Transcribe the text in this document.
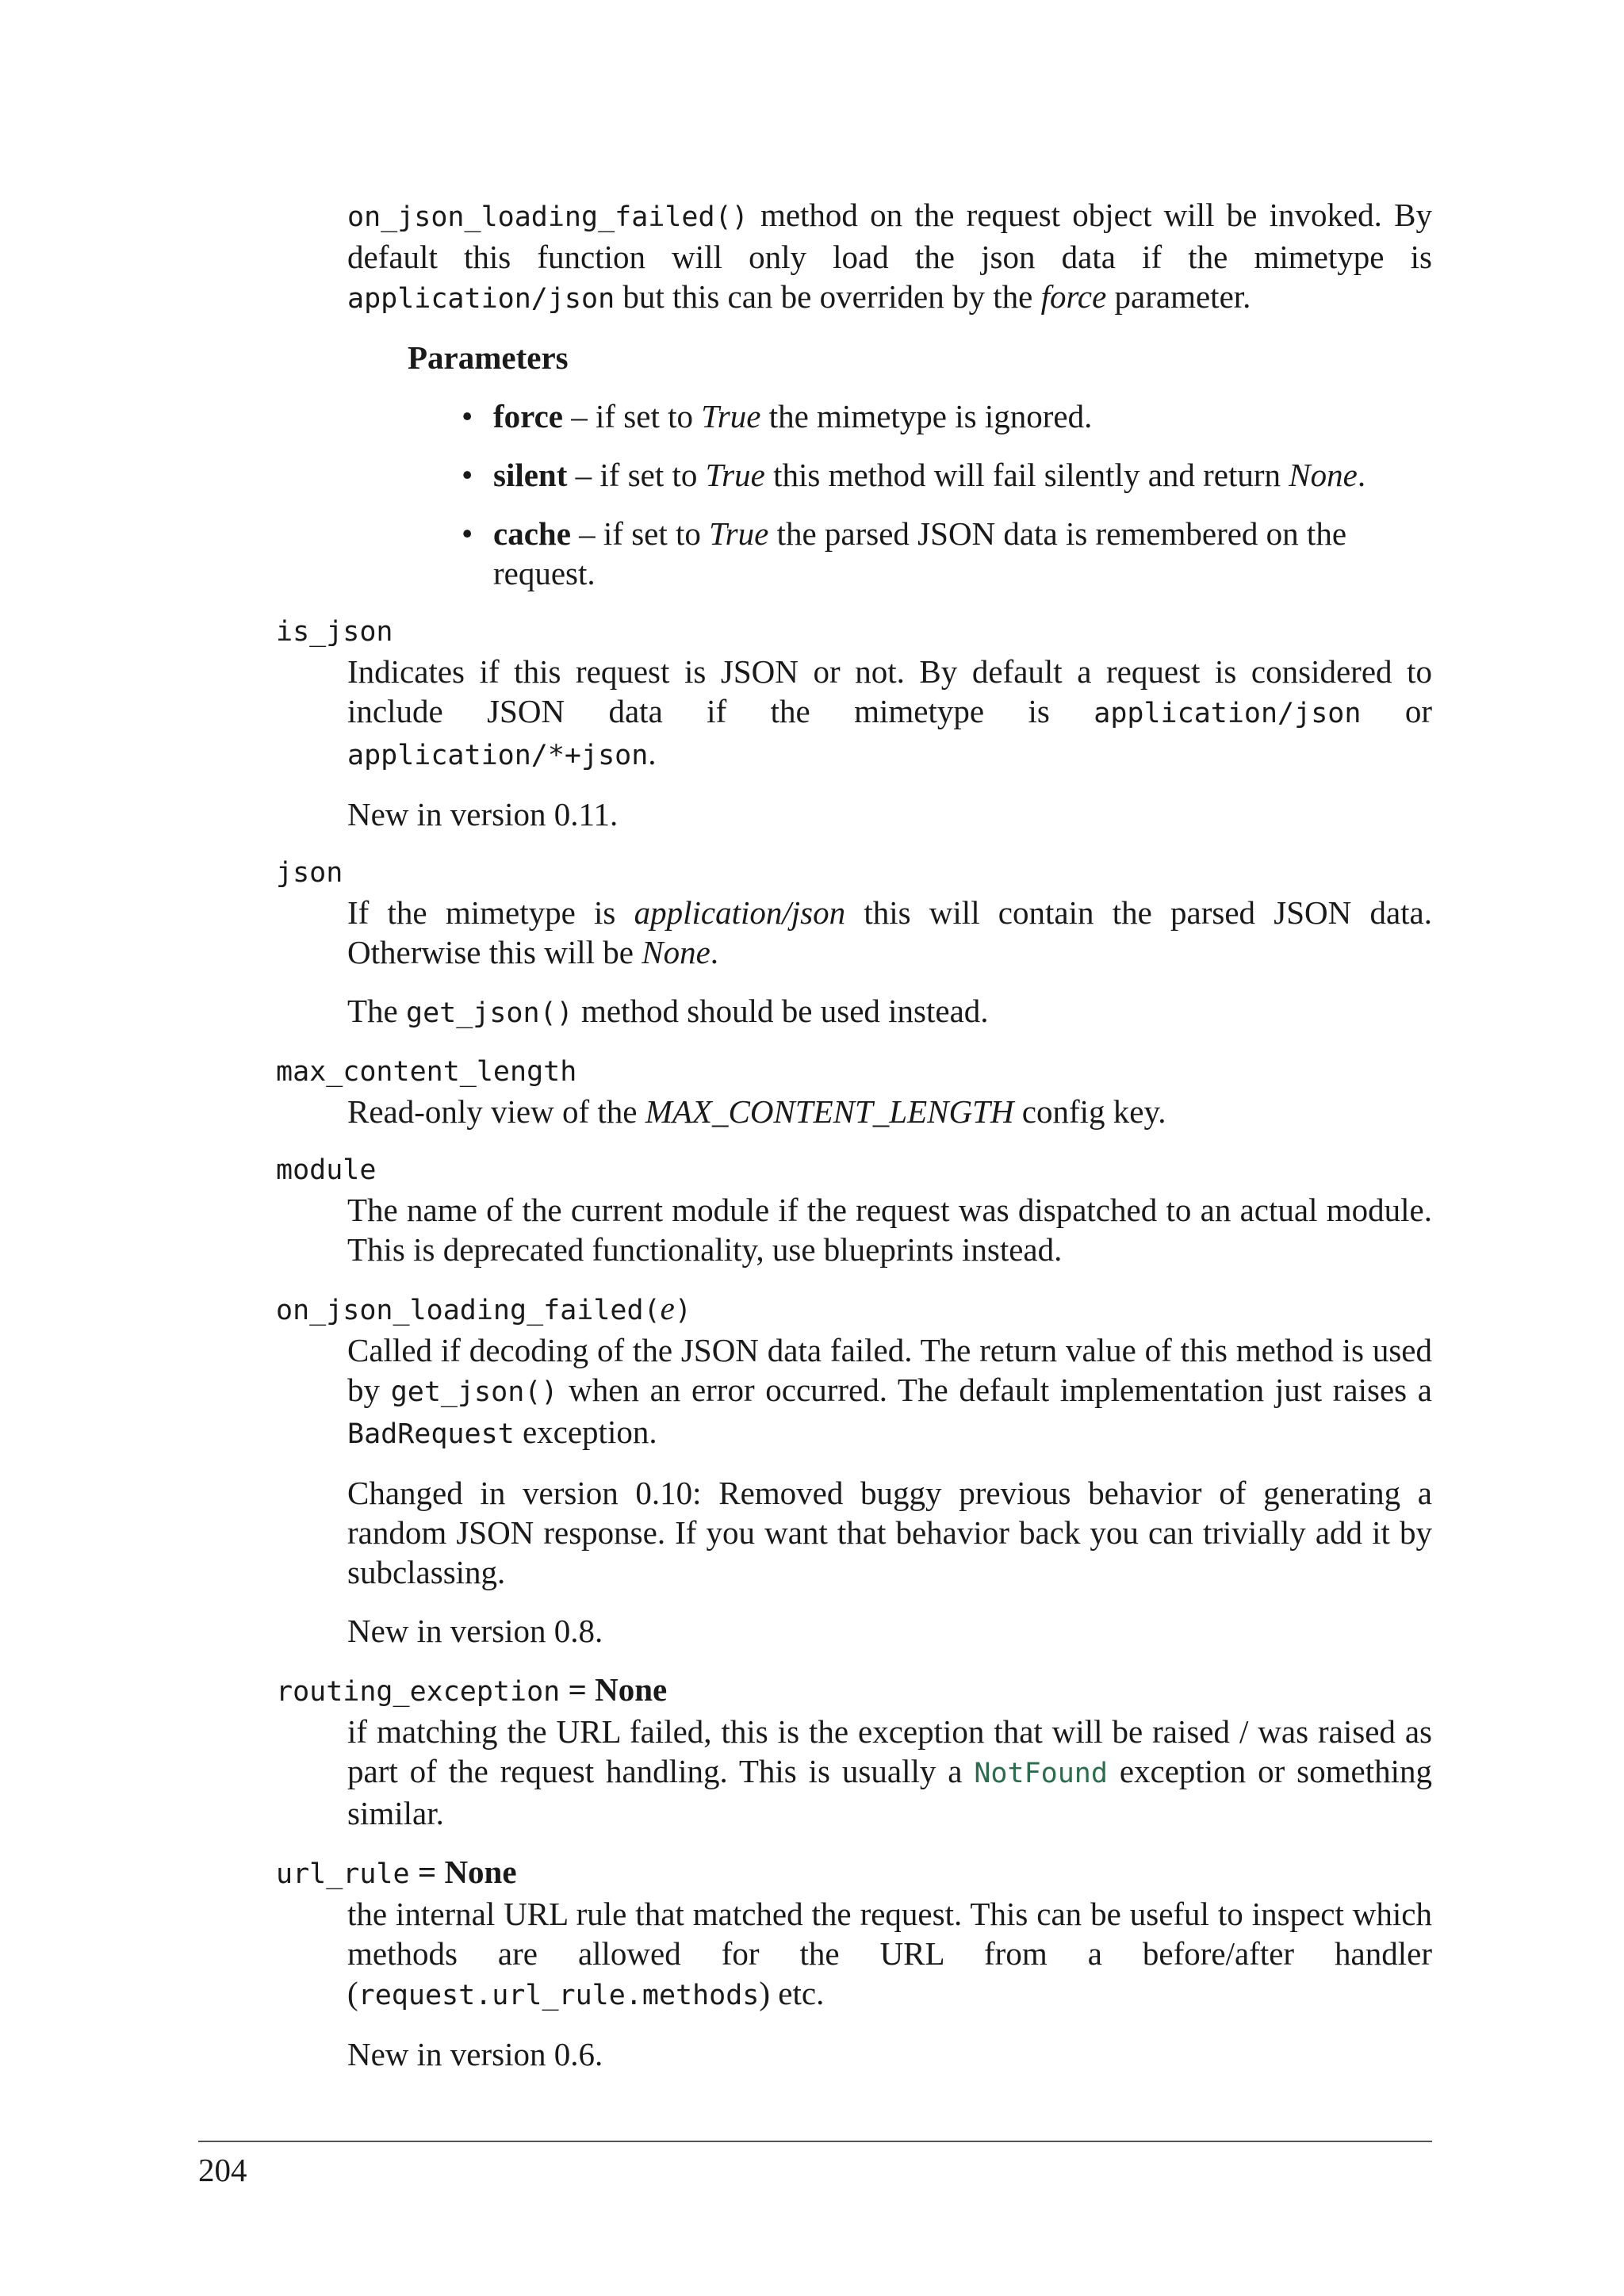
on_json_loading_failed() method on the request object will be invoked. By default this function will only load the json data if the mimetype is application/json but this can be overriden by the force parameter.

Parameters

• force – if set to True the mimetype is ignored.
• silent – if set to True this method will fail silently and return None.
• cache – if set to True the parsed JSON data is remembered on the request.
is_json

Indicates if this request is JSON or not. By default a request is considered to include JSON data if the mimetype is application/json or application/*+json.

New in version 0.11.

json

If the mimetype is application/json this will contain the parsed JSON data. Otherwise this will be None.

The get_json() method should be used instead.

max_content_length

Read-only view of the MAX_CONTENT_LENGTH config key.

module

The name of the current module if the request was dispatched to an actual module. This is deprecated functionality, use blueprints instead.

on_json_loading_failed(e)

Called if decoding of the JSON data failed. The return value of this method is used by get_json() when an error occurred. The default implementation just raises a BadRequest exception.

Changed in version 0.10: Removed buggy previous behavior of generating a random JSON response. If you want that behavior back you can trivially add it by subclassing.

New in version 0.8.

routing_exception = None

if matching the URL failed, this is the exception that will be raised / was raised as part of the request handling. This is usually a NotFound exception or something similar.

url_rule = None

the internal URL rule that matched the request. This can be useful to inspect which methods are allowed for the URL from a before/after handler (request.url_rule.methods) etc.

New in version 0.6.

204
